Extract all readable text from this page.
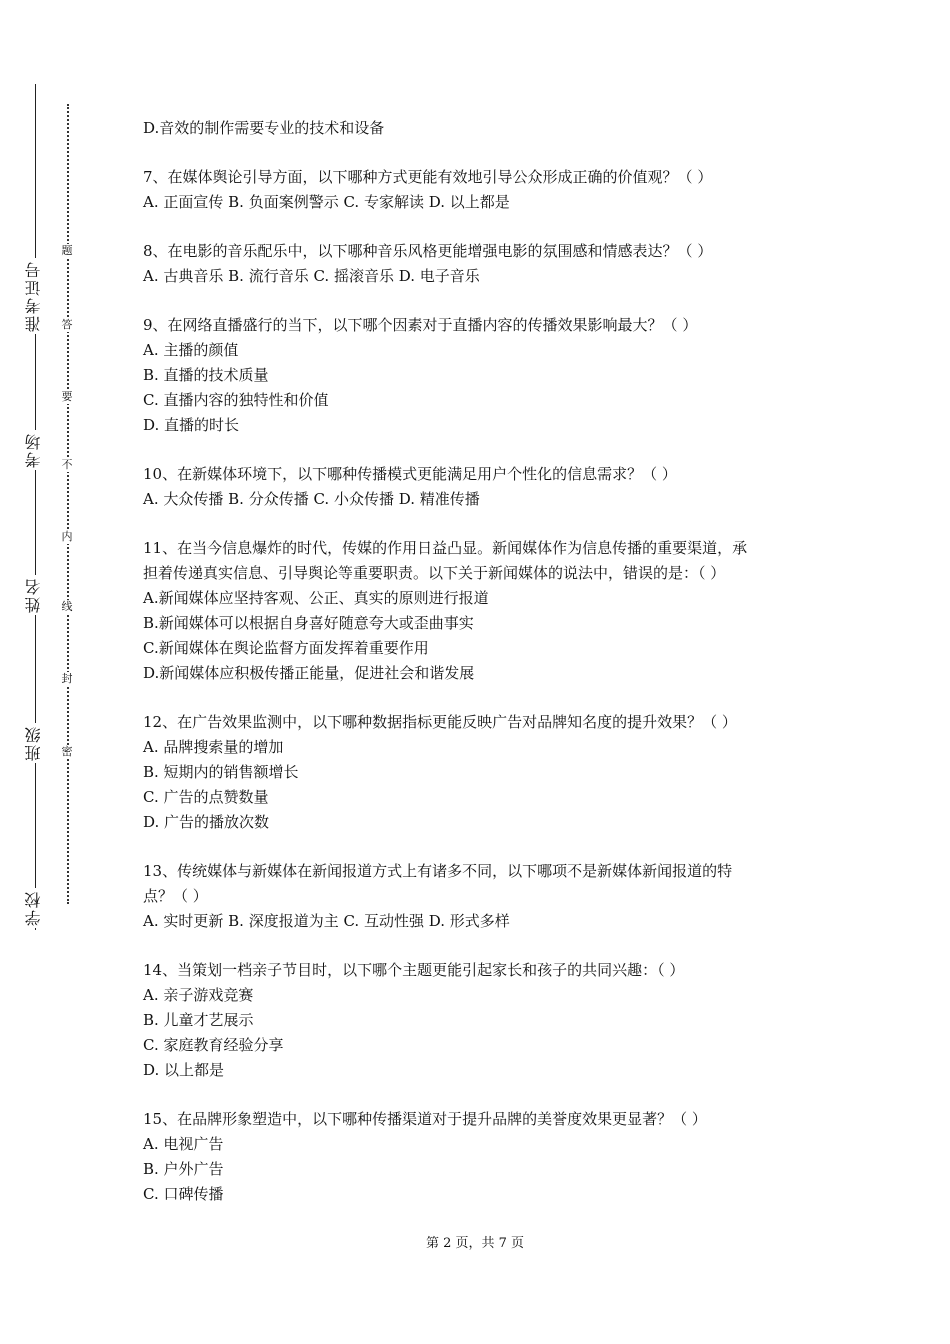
准考证号
考场
姓名
班级
学校
题
答
要
不
内
线
封
密
D.音效的制作需要专业的技术和设备
7、在媒体舆论引导方面，以下哪种方式更能有效地引导公众形成正确的价值观？（ ）
A. 正面宣传 B. 负面案例警示 C. 专家解读 D. 以上都是
8、在电影的音乐配乐中，以下哪种音乐风格更能增强电影的氛围感和情感表达？（ ）
A. 古典音乐 B. 流行音乐 C. 摇滚音乐 D. 电子音乐
9、在网络直播盛行的当下，以下哪个因素对于直播内容的传播效果影响最大？（ ）
A. 主播的颜值
B. 直播的技术质量
C. 直播内容的独特性和价值
D. 直播的时长
10、在新媒体环境下，以下哪种传播模式更能满足用户个性化的信息需求？（ ）
A. 大众传播 B. 分众传播 C. 小众传播 D. 精准传播
11、在当今信息爆炸的时代，传媒的作用日益凸显。新闻媒体作为信息传播的重要渠道，承
担着传递真实信息、引导舆论等重要职责。以下关于新闻媒体的说法中，错误的是：（ ）
A.新闻媒体应坚持客观、公正、真实的原则进行报道
B.新闻媒体可以根据自身喜好随意夸大或歪曲事实
C.新闻媒体在舆论监督方面发挥着重要作用
D.新闻媒体应积极传播正能量，促进社会和谐发展
12、在广告效果监测中，以下哪种数据指标更能反映广告对品牌知名度的提升效果？（ ）
A. 品牌搜索量的增加
B. 短期内的销售额增长
C. 广告的点赞数量
D. 广告的播放次数
13、传统媒体与新媒体在新闻报道方式上有诸多不同，以下哪项不是新媒体新闻报道的特
点？（ ）
A. 实时更新 B. 深度报道为主 C. 互动性强 D. 形式多样
14、当策划一档亲子节目时，以下哪个主题更能引起家长和孩子的共同兴趣：（ ）
A. 亲子游戏竞赛
B. 儿童才艺展示
C. 家庭教育经验分享
D. 以上都是
15、在品牌形象塑造中，以下哪种传播渠道对于提升品牌的美誉度效果更显著？（ ）
A. 电视广告
B. 户外广告
C. 口碑传播
第 2 页，共 7 页
